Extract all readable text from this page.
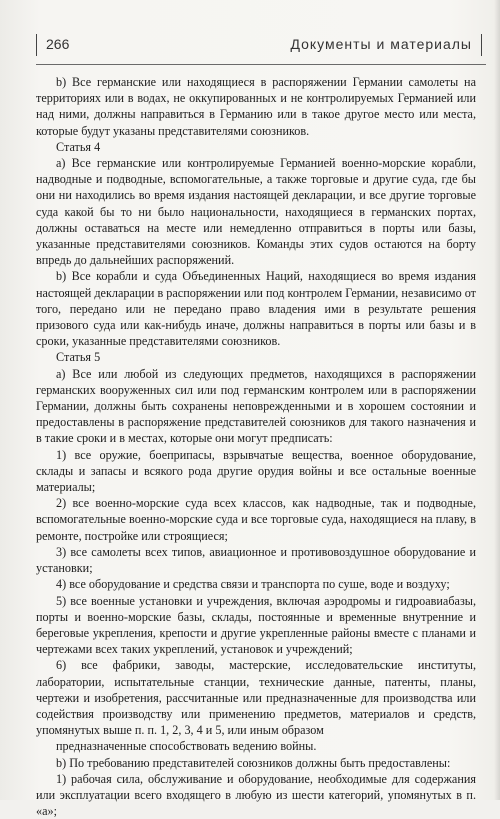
266	Документы и материалы

b) Все германские или находящиеся в распоряжении Германии самолеты на территориях или в водах, не оккупированных и не контролируемых Германией или над ними, должны направиться в Германию или в такое другое место или места, которые будут указаны представителями союзников.

Статья 4

а) Все германские или контролируемые Германией военно-морские корабли, надводные и подводные, вспомогательные, а также торговые и другие суда, где бы они ни находились во время издания настоящей декларации, и все другие торговые суда какой бы то ни было национальности, находящиеся в германских портах, должны оставаться на месте или немедленно отправиться в порты или базы, указанные представителями союзников. Команды этих судов остаются на борту впредь до дальнейших распоряжений.

b) Все корабли и суда Объединенных Наций, находящиеся во время издания настоящей декларации в распоряжении или под контролем Германии, независимо от того, передано или не передано право владения ими в результате решения призового суда или как-нибудь иначе, должны направиться в порты или базы и в сроки, указанные представителями союзников.

Статья 5

а) Все или любой из следующих предметов, находящихся в распоряжении германских вооруженных сил или под германским контролем или в распоряжении Германии, должны быть сохранены неповрежденными и в хорошем состоянии и предоставлены в распоряжение представителей союзников для такого назначения и в такие сроки и в местах, которые они могут предписать:

1) все оружие, боеприпасы, взрывчатые вещества, военное оборудование, склады и запасы и всякого рода другие орудия войны и все остальные военные материалы;

2) все военно-морские суда всех классов, как надводные, так и подводные, вспомогательные военно-морские суда и все торговые суда, находящиеся на плаву, в ремонте, постройке или строящиеся;

3) все самолеты всех типов, авиационное и противовоздушное оборудование и установки;

4) все оборудование и средства связи и транспорта по суше, воде и воздуху;

5) все военные установки и учреждения, включая аэродромы и гидроавиабазы, порты и военно-морские базы, склады, постоянные и временные внутренние и береговые укрепления, крепости и другие укрепленные районы вместе с планами и чертежами всех таких укреплений, установок и учреждений;

6) все фабрики, заводы, мастерские, исследовательские институты, лаборатории, испытательные станции, технические данные, патенты, планы, чертежи и изобретения, рассчитанные или предназначенные для производства или содействия производству или применению предметов, материалов и средств, упомянутых выше п. п. 1, 2, 3, 4 и 5, или иным образом

предназначенные способствовать ведению войны.

b) По требованию представителей союзников должны быть предоставлены:

1) рабочая сила, обслуживание и оборудование, необходимые для содержания или эксплуатации всего входящего в любую из шести категорий, упомянутых в п. «а»;
